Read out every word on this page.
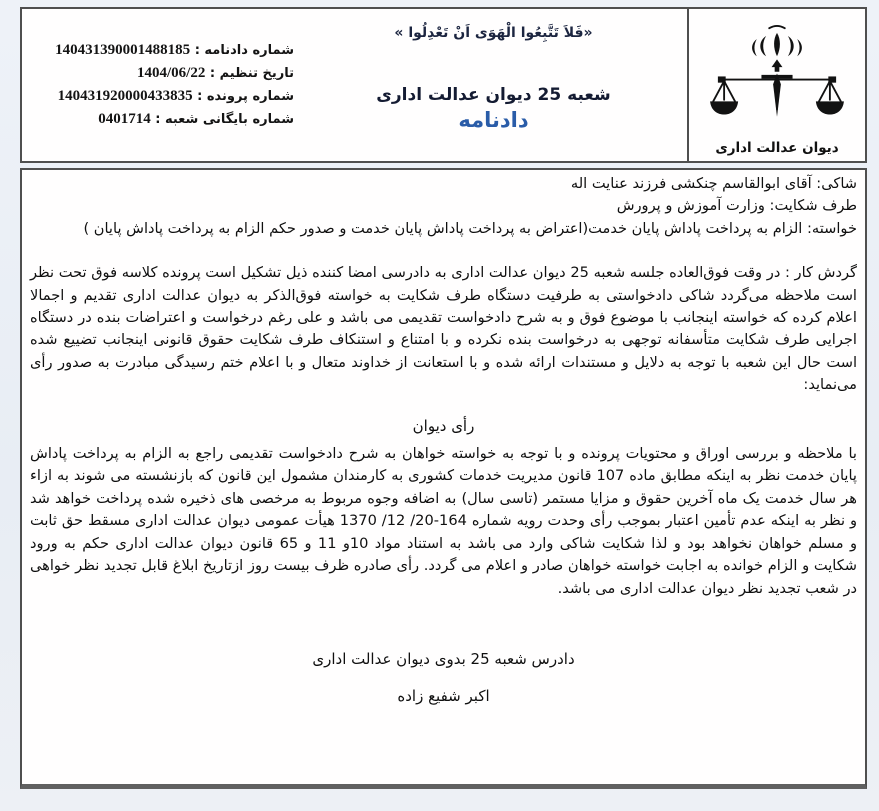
دیوان عدالت اداری
«فَلاَ تَتَّبِعُوا الْهَوَی اَنْ تَعْدِلُوا »
شعبه 25 دیوان عدالت اداری
دادنامه
شماره دادنامه : 140431390001488185
تاریخ تنظیم : 1404/06/22
شماره پرونده : 140431920000433835
شماره بایگانی شعبه : 0401714

شاکی: آقای ابوالقاسم چنکشی فرزند عنایت اله

طرف شکایت: وزارت آموزش و پرورش

خواسته: الزام به پرداخت پاداش پایان خدمت(اعتراض به پرداخت پاداش پایان خدمت و صدور حکم الزام به پرداخت پاداش پایان )

گردش کار : در وقت فوق‌العاده جلسه شعبه 25 دیوان عدالت اداری به دادرسی امضا کننده ذیل تشکیل است پرونده کلاسه فوق تحت نظر است ملاحظه می‌گردد شاکی دادخواستی به طرفیت دستگاه طرف شکایت به خواسته فوق‌الذکر به دیوان عدالت اداری تقدیم و اجمالا اعلام کرده که خواسته اینجانب با موضوع فوق و به شرح دادخواست تقدیمی می باشد و علی رغم درخواست و اعتراضات بنده در دستگاه اجرایی طرف شکایت متأسفانه توجهی به درخواست بنده نکرده و با امتناع و استنکاف طرف شکایت حقوق قانونی اینجانب تضییع شده است حال این شعبه با توجه به دلایل و مستندات ارائه شده و با استعانت از خداوند متعال و با اعلام ختم رسیدگی مبادرت به صدور رأی می‌نماید:

رأی دیوان

با ملاحظه و بررسی اوراق و محتویات پرونده و با توجه به خواسته خواهان به شرح دادخواست تقدیمی راجع به الزام به پرداخت پاداش پایان خدمت نظر به اینکه مطابق ماده 107 قانون مدیریت خدمات کشوری به کارمندان مشمول این قانون که بازنشسته می شوند به ازاء هر سال خدمت یک ماه آخرین حقوق و مزایا مستمر (تاسی سال) به اضافه وجوه مربوط به مرخصی های ذخیره شده پرداخت خواهد شد و نظر به اینکه عدم تأمین اعتبار بموجب رأی وحدت رویه شماره 164-20/ 12/ 1370 هیأت عمومی دیوان عدالت اداری مسقط حق ثابت و مسلم خواهان نخواهد بود و لذا شکایت شاکی وارد می باشد به استناد مواد 10و 11 و 65 قانون دیوان عدالت اداری حکم به ورود شکایت و الزام خوانده به اجابت خواسته خواهان صادر و اعلام می گردد. رأی صادره ظرف بیست روز ازتاریخ ابلاغ قابل تجدید نظر خواهی در شعب تجدید نظر دیوان عدالت اداری می باشد.

دادرس شعبه 25 بدوی دیوان عدالت اداری
اکبر شفیع زاده
